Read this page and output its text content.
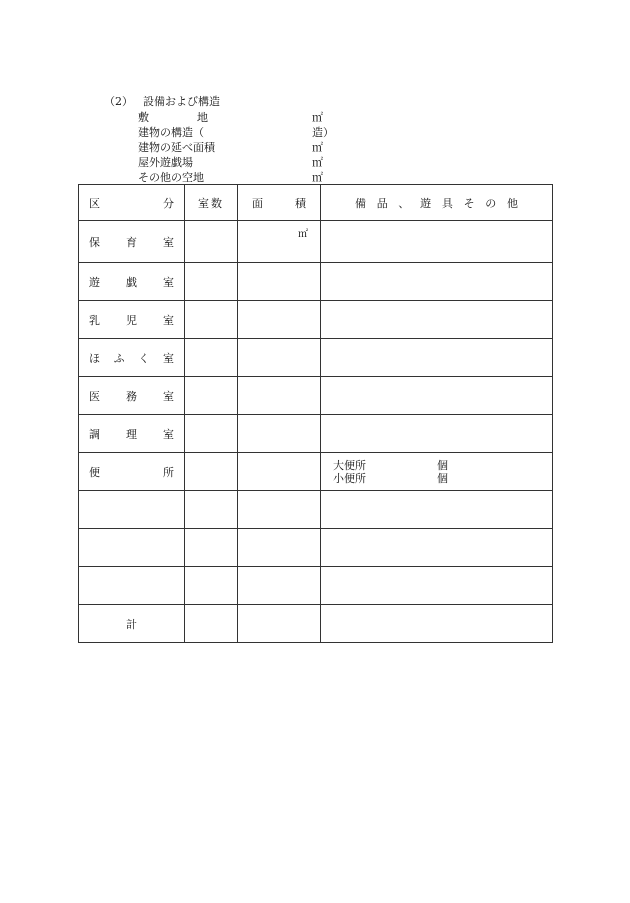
（2） 設備および構造
敷　　地	㎡
建物の構造（	造）
建物の延べ面積	㎡
屋外遊戯場	㎡
その他の空地	㎡
区分	室数	面積	備品、遊具その他

保育室		㎡	

遊戯室			

乳児室			

ほふく室			

医務室			

調理室			

便所			大便所 個
小便所 個

計			
